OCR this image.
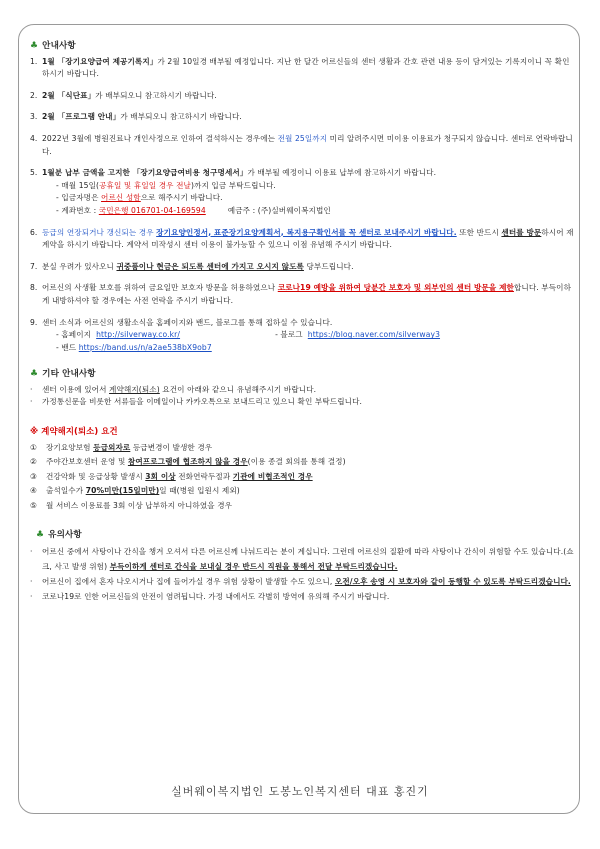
♣ 안내사항
1. 1월 「장기요양급여 제공기록지」가 2월 10일경 배부될 예정입니다. 지난 한 달간 어르신들의 센터 생활과 간호 관련 내용 등이 담겨있는 기록지이니 꼭 확인하시기 바랍니다.
2. 2월 「식단표」가 배부되오니 참고하시기 바랍니다.
3. 2월 「프로그램 안내」가 배부되오니 참고하시기 바랍니다.
4. 2022년 3월에 병원진료나 개인사정으로 인하여 결석하시는 경우에는 전월 25일까지 미리 알려주시면 미이용 이용료가 청구되지 않습니다. 센터로 연락바랍니다.
5. 1월분 납부 금액을 고지한 「장기요양급여비용 청구명세서」가 배부될 예정이니 이용료 납부에 참고하시기 바랍니다.
- 매월 15일(공휴일 및 휴일일 경우 전날)까지 입금 부탁드립니다.
- 입금자명은 어르신 성함으로 해주시기 바랍니다.
- 계좌번호 : 국민은행 016701-04-169594	예금주 : (주)실버웨이복지법인
6. 등급의 연장되거나 갱신되는 경우 장기요양인정서, 표준장기요양계획서, 복지용구확인서를 꼭 센터로 보내주시기 바랍니다. 또한 반드시 센터를 방문하시어 재계약을 하시기 바랍니다. 계약서 미작성시 센터 이용이 불가능할 수 있으니 이점 유념해 주시기 바랍니다.
7. 분실 우려가 있사오니 귀중품이나 현금은 되도록 센터에 가지고 오시지 않도록 당부드립니다.
8. 어르신의 사생활 보호를 위하여 금요일만 보호자 방문을 허용하였으나 코로나19 예방을 위하여 당분간 보호자 및 외부인의 센터 방문을 제한합니다. 부득이하게 내방하셔야 할 경우에는 사전 연락을 주시기 바랍니다.
9. 센터 소식과 어르신의 생활소식을 홈페이지와 밴드, 블로그를 통해 접하실 수 있습니다.
- 홈페이지 http://silverway.co.kr/	- 블로그 https://blog.naver.com/silverway3
- 밴드 https://band.us/n/a2ae538bX9ob7
♣ 기타 안내사항
·	센터 이용에 있어서 계약해지(퇴소) 요건이 아래와 같으니 유념해주시기 바랍니다.
·	가정통신문을 비롯한 서류들을 이메일이나 카카오톡으로 보내드리고 있으니 확인 부탁드립니다.
※ 계약해지(퇴소) 요건
①	장기요양보험 등급외자로 등급변경이 발생한 경우
②	주야간보호센터 운영 및 참여프로그램에 협조하지 않을 경우(이용 종결 회의를 통해 결정)
③	건강악화 및 응급상황 발생시 3회 이상 전화연락두절과 기관에 비협조적인 경우
④	출석일수가 70%미만(15일미만)일 때(병원 입원시 제외)
⑤	월 서비스 이용료를 3회 이상 납부하지 아니하였을 경우
♣ 유의사항
·	어르신 중에서 사탕이나 간식을 챙겨 오셔서 다른 어르신께 나눠드리는 분이 계십니다. 그런데 어르신의 질환에 따라 사탕이나 간식이 위험할 수도 있습니다.(쇼크, 사고 발생 위험) 부득이하게 센터로 간식을 보내실 경우 반드시 직원을 통해서 전달 부탁드리겠습니다.
·	어르신이 집에서 혼자 나오시거나 집에 들어가실 경우 위험 상황이 발생할 수도 있으니, 오전/오후 송영 시 보호자와 같이 동행할 수 있도록 부탁드리겠습니다.
·	코로나19로 인한 어르신들의 안전이 염려됩니다. 가정 내에서도 각별히 방역에 유의해 주시기 바랍니다.
실버웨이복지법인 도봉노인복지센터 대표 홍진기
